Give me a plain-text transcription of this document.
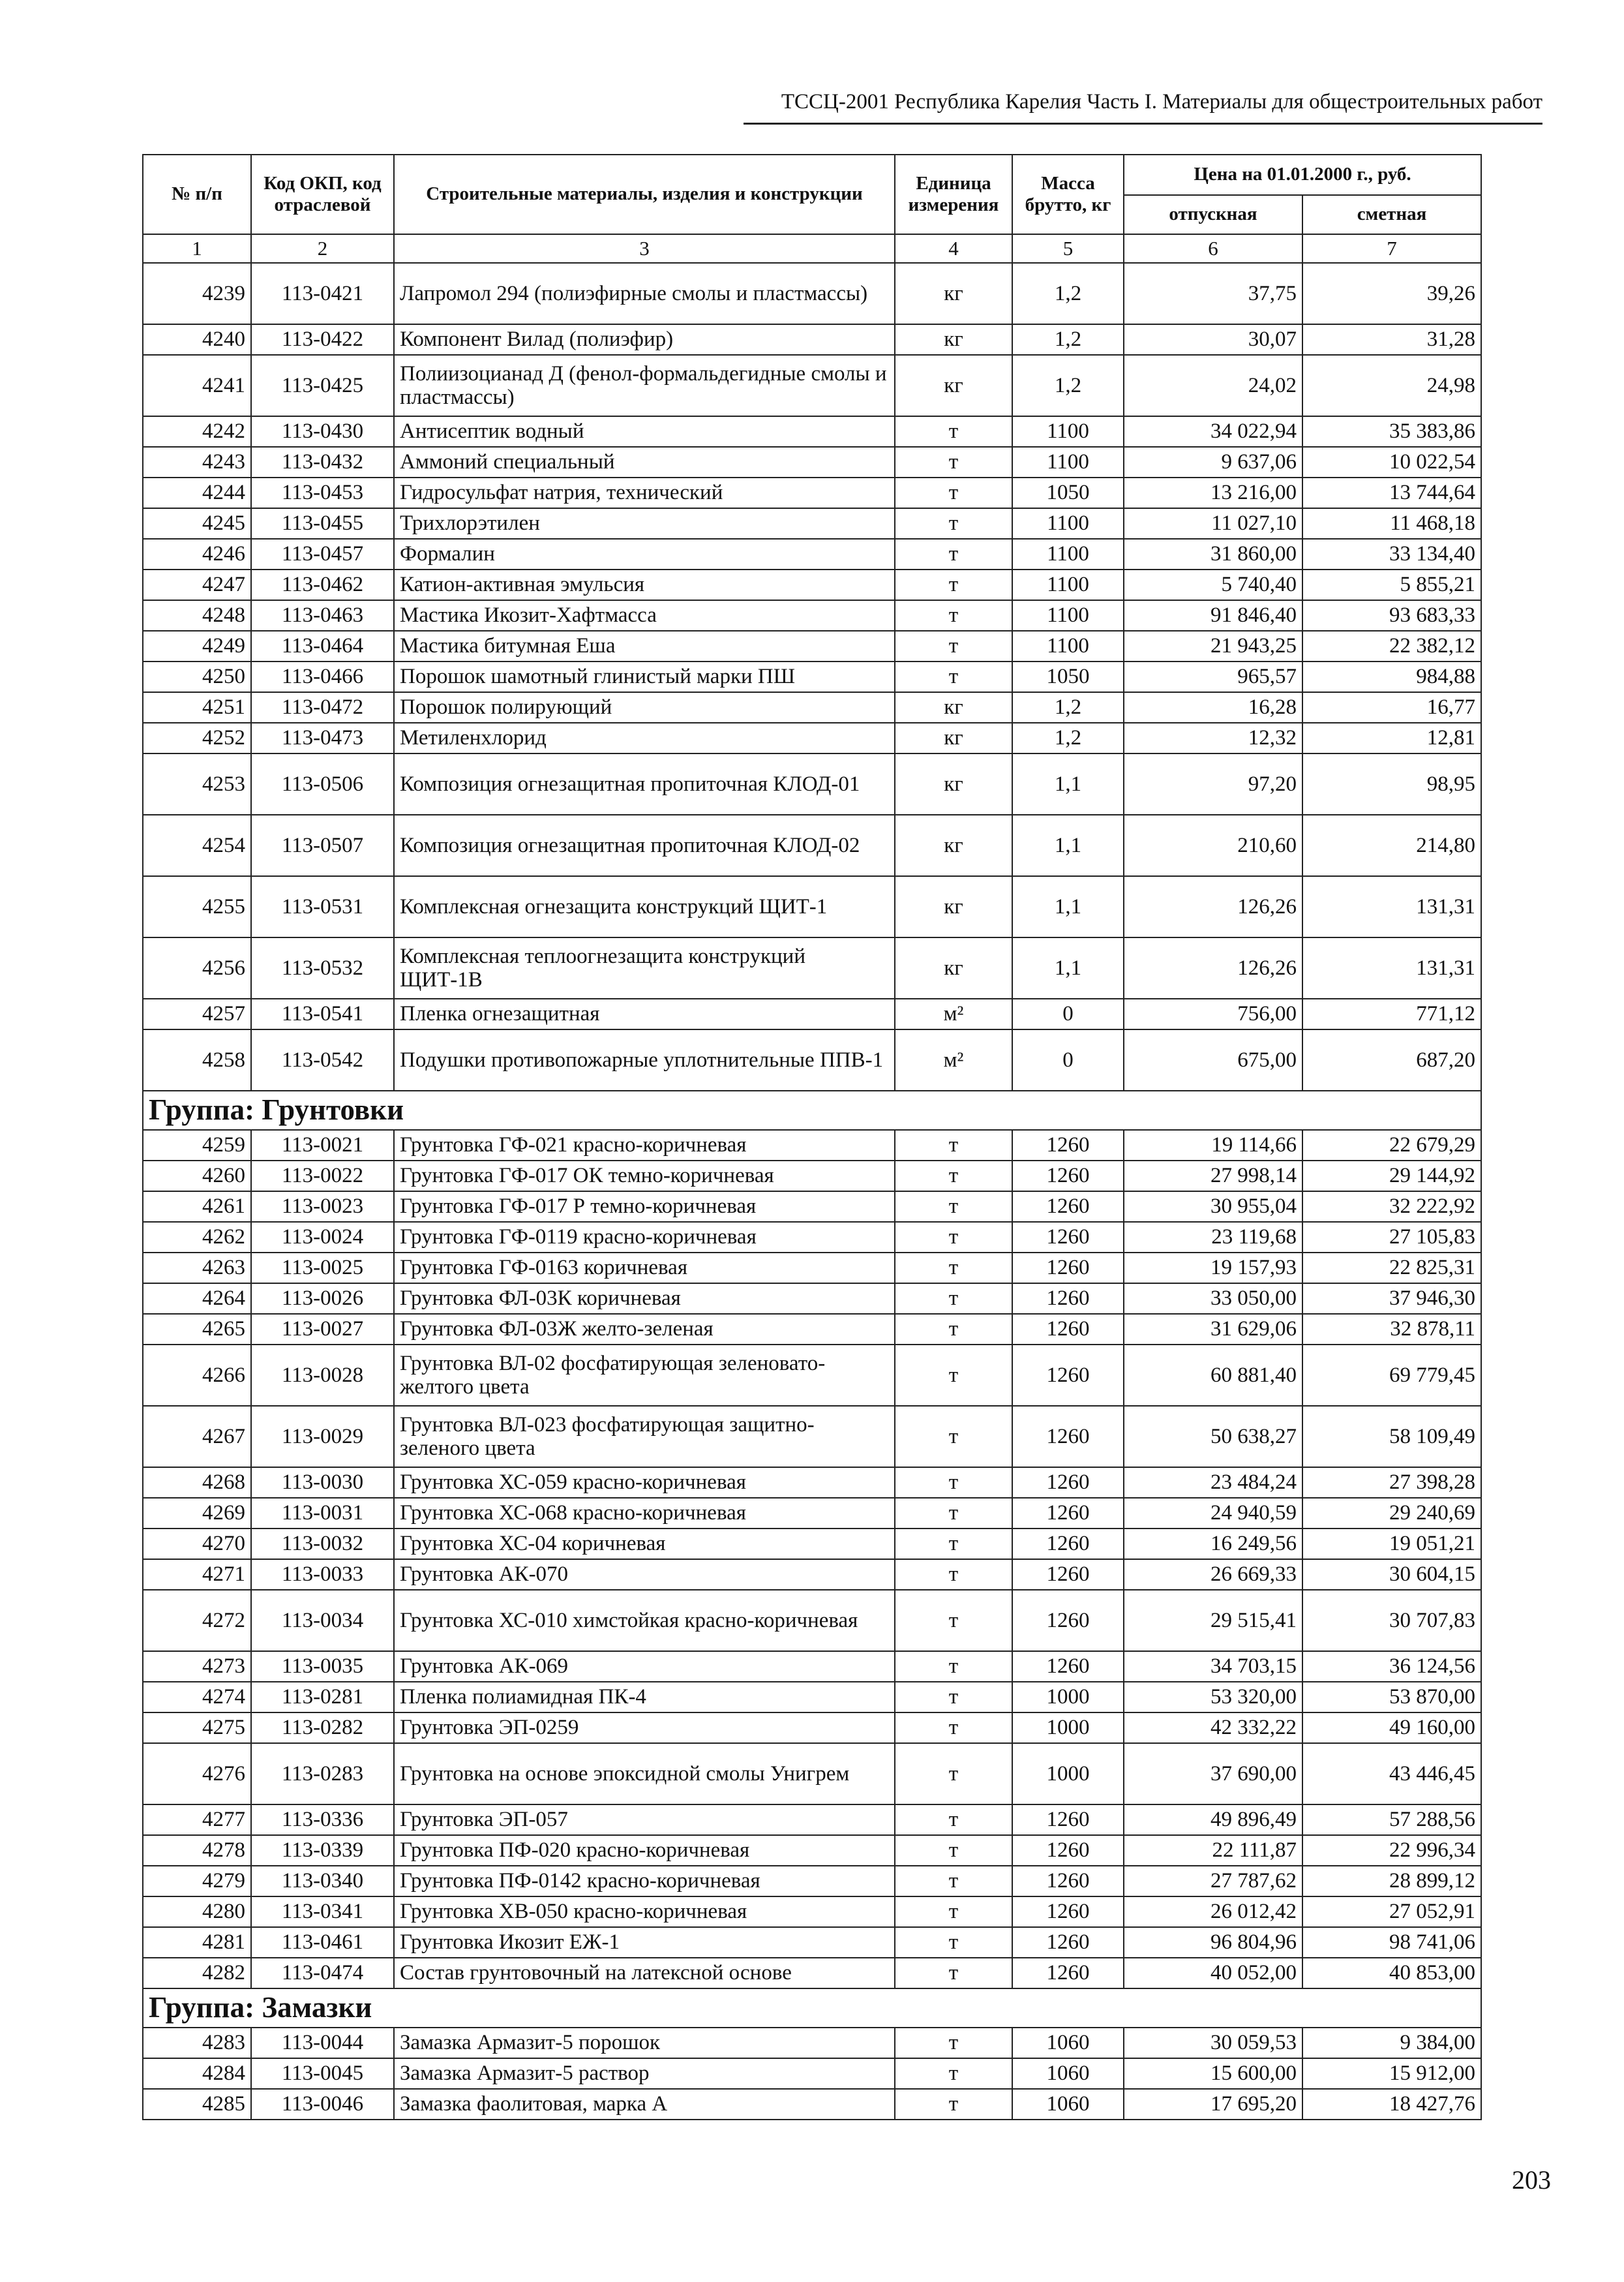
ТССЦ-2001 Республика Карелия Часть I. Материалы для общестроительных работ
№ п/п	Код ОКП, код отраслевой	Строительные материалы, изделия и конструкции	Единица измерения	Масса брутто, кг	Цена на 01.01.2000 г., руб.	
					отпускная	сметная
1	2	3	4	5	6	7
4239	113-0421	Лапромол 294 (полиэфирные смолы и пластмассы)	кг	1,2	37,75	39,26
4240	113-0422	Компонент Вилад (полиэфир)	кг	1,2	30,07	31,28
4241	113-0425	Полиизоцианад Д (фенол-формальдегидные смолы и пластмассы)	кг	1,2	24,02	24,98
4242	113-0430	Антисептик водный	т	1100	34 022,94	35 383,86
4243	113-0432	Аммоний специальный	т	1100	9 637,06	10 022,54
4244	113-0453	Гидросульфат натрия, технический	т	1050	13 216,00	13 744,64
4245	113-0455	Трихлорэтилен	т	1100	11 027,10	11 468,18
4246	113-0457	Формалин	т	1100	31 860,00	33 134,40
4247	113-0462	Катион-активная эмульсия	т	1100	5 740,40	5 855,21
4248	113-0463	Мастика Икозит-Хафтмасса	т	1100	91 846,40	93 683,33
4249	113-0464	Мастика битумная Еша	т	1100	21 943,25	22 382,12
4250	113-0466	Порошок шамотный глинистый марки ПШ	т	1050	965,57	984,88
4251	113-0472	Порошок полирующий	кг	1,2	16,28	16,77
4252	113-0473	Метиленхлорид	кг	1,2	12,32	12,81
4253	113-0506	Композиция огнезащитная пропиточная КЛОД-01	кг	1,1	97,20	98,95
4254	113-0507	Композиция огнезащитная пропиточная КЛОД-02	кг	1,1	210,60	214,80
4255	113-0531	Комплексная огнезащита конструкций ЩИТ-1	кг	1,1	126,26	131,31
4256	113-0532	Комплексная теплоогнезащита конструкций ЩИТ-1В	кг	1,1	126,26	131,31
4257	113-0541	Пленка огнезащитная	м²	0	756,00	771,12
4258	113-0542	Подушки противопожарные уплотнительные ППВ-1	м²	0	675,00	687,20
Группа: Грунтовки						
4259	113-0021	Грунтовка ГФ-021 красно-коричневая	т	1260	19 114,66	22 679,29
4260	113-0022	Грунтовка ГФ-017 ОК темно-коричневая	т	1260	27 998,14	29 144,92
4261	113-0023	Грунтовка ГФ-017 Р темно-коричневая	т	1260	30 955,04	32 222,92
4262	113-0024	Грунтовка ГФ-0119 красно-коричневая	т	1260	23 119,68	27 105,83
4263	113-0025	Грунтовка ГФ-0163 коричневая	т	1260	19 157,93	22 825,31
4264	113-0026	Грунтовка ФЛ-03К коричневая	т	1260	33 050,00	37 946,30
4265	113-0027	Грунтовка ФЛ-03Ж желто-зеленая	т	1260	31 629,06	32 878,11
4266	113-0028	Грунтовка ВЛ-02 фосфатирующая зеленовато-желтого цвета	т	1260	60 881,40	69 779,45
4267	113-0029	Грунтовка ВЛ-023 фосфатирующая защитно-зеленого цвета	т	1260	50 638,27	58 109,49
4268	113-0030	Грунтовка ХС-059 красно-коричневая	т	1260	23 484,24	27 398,28
4269	113-0031	Грунтовка ХС-068 красно-коричневая	т	1260	24 940,59	29 240,69
4270	113-0032	Грунтовка ХС-04 коричневая	т	1260	16 249,56	19 051,21
4271	113-0033	Грунтовка АК-070	т	1260	26 669,33	30 604,15
4272	113-0034	Грунтовка ХС-010 химстойкая красно-коричневая	т	1260	29 515,41	30 707,83
4273	113-0035	Грунтовка АК-069	т	1260	34 703,15	36 124,56
4274	113-0281	Пленка полиамидная ПК-4	т	1000	53 320,00	53 870,00
4275	113-0282	Грунтовка ЭП-0259	т	1000	42 332,22	49 160,00
4276	113-0283	Грунтовка на основе эпоксидной смолы Унигрем	т	1000	37 690,00	43 446,45
4277	113-0336	Грунтовка ЭП-057	т	1260	49 896,49	57 288,56
4278	113-0339	Грунтовка ПФ-020 красно-коричневая	т	1260	22 111,87	22 996,34
4279	113-0340	Грунтовка ПФ-0142 красно-коричневая	т	1260	27 787,62	28 899,12
4280	113-0341	Грунтовка ХВ-050 красно-коричневая	т	1260	26 012,42	27 052,91
4281	113-0461	Грунтовка Икозит ЕЖ-1	т	1260	96 804,96	98 741,06
4282	113-0474	Состав грунтовочный на латексной основе	т	1260	40 052,00	40 853,00
Группа: Замазки						
4283	113-0044	Замазка Армазит-5 порошок	т	1060	30 059,53	9 384,00
4284	113-0045	Замазка Армазит-5 раствор	т	1060	15 600,00	15 912,00
4285	113-0046	Замазка фаолитовая, марка А	т	1060	17 695,20	18 427,76
203
